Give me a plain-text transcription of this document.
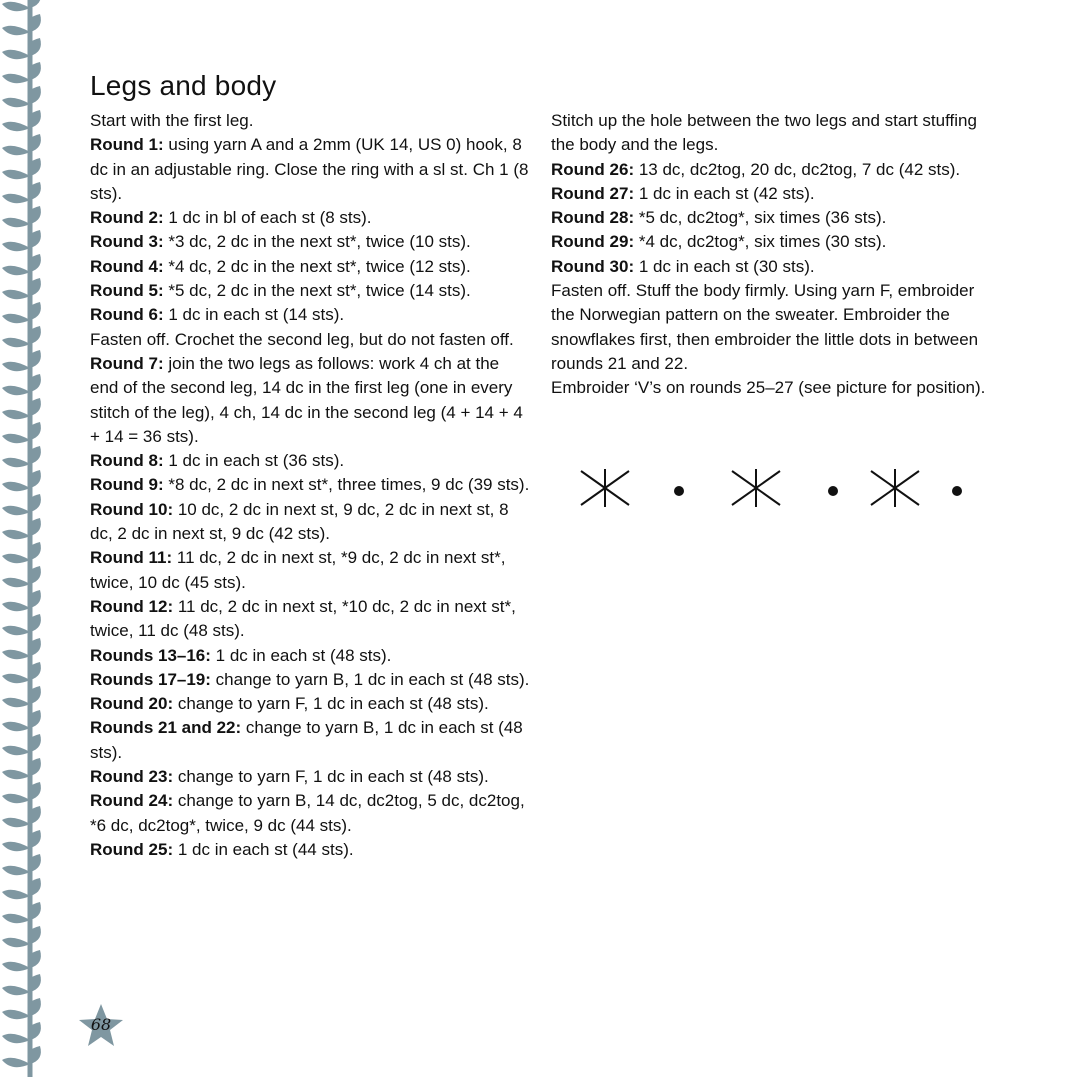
Legs and body

Start with the first leg.

Round 1: using yarn A and a 2mm (UK 14, US 0) hook, 8 dc in an adjustable ring. Close the ring with a sl st. Ch 1 (8 sts).

Round 2: 1 dc in bl of each st (8 sts).

Round 3: *3 dc, 2 dc in the next st*, twice (10 sts).

Round 4: *4 dc, 2 dc in the next st*, twice (12 sts).

Round 5: *5 dc, 2 dc in the next st*, twice (14 sts).

Round 6: 1 dc in each st (14 sts).

Fasten off. Crochet the second leg, but do not fasten off.

Round 7: join the two legs as follows: work 4 ch at the end of the second leg, 14 dc in the first leg (one in every stitch of the leg), 4 ch, 14 dc in the second leg (4 + 14 + 4 + 14 = 36 sts).

Round 8: 1 dc in each st (36 sts).

Round 9: *8 dc, 2 dc in next st*, three times, 9 dc (39 sts).

Round 10: 10 dc, 2 dc in next st, 9 dc, 2 dc in next st, 8 dc, 2 dc in next st, 9 dc (42 sts).

Round 11: 11 dc, 2 dc in next st, *9 dc, 2 dc in next st*, twice, 10 dc (45 sts).

Round 12: 11 dc, 2 dc in next st, *10 dc, 2 dc in next st*, twice, 11 dc (48 sts).

Rounds 13–16: 1 dc in each st (48 sts).

Rounds 17–19: change to yarn B, 1 dc in each st (48 sts).

Round 20: change to yarn F, 1 dc in each st (48 sts).

Rounds 21 and 22: change to yarn B, 1 dc in each st (48 sts).

Round 23: change to yarn F, 1 dc in each st (48 sts).

Round 24: change to yarn B, 14 dc, dc2tog, 5 dc, dc2tog, *6 dc, dc2tog*, twice, 9 dc (44 sts).

Round 25: 1 dc in each st (44 sts).

Stitch up the hole between the two legs and start stuffing the body and the legs.

Round 26: 13 dc, dc2tog, 20 dc, dc2tog, 7 dc (42 sts).

Round 27: 1 dc in each st (42 sts).

Round 28: *5 dc, dc2tog*, six times (36 sts).

Round 29: *4 dc, dc2tog*, six times (30 sts).

Round 30: 1 dc in each st (30 sts).

Fasten off. Stuff the body firmly. Using yarn F, embroider the Norwegian pattern on the sweater. Embroider the snowflakes first, then embroider the little dots in between rounds 21 and 22.

Embroider ‘V’s on rounds 25–27 (see picture for position).

68
